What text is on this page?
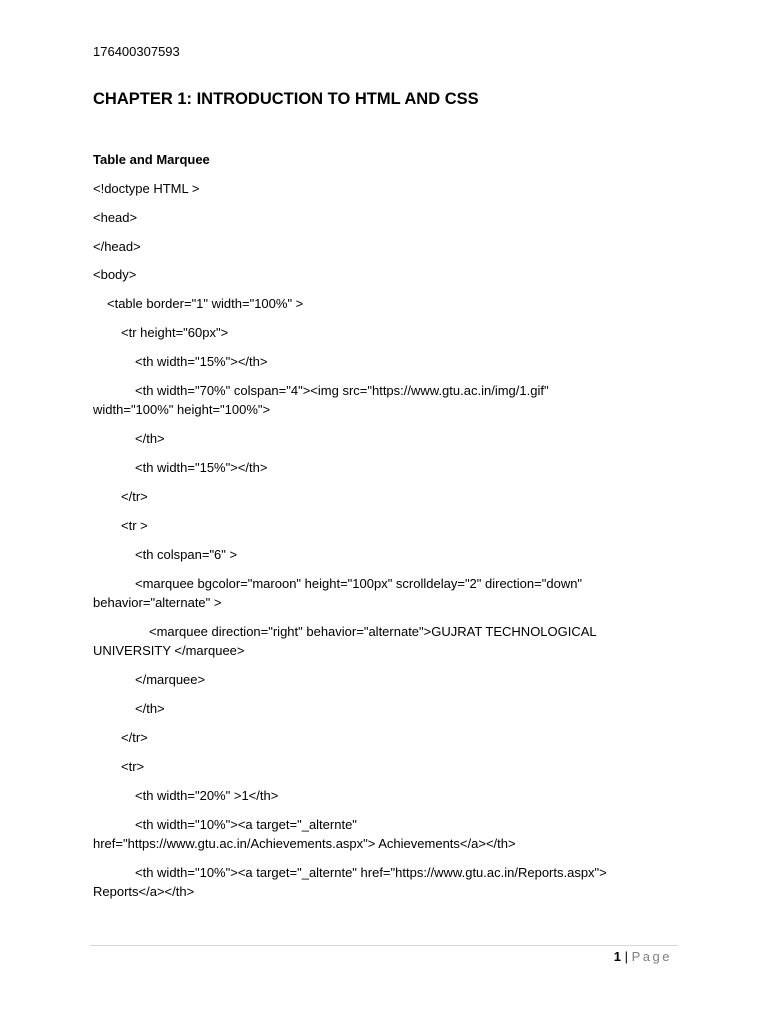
176400307593
CHAPTER 1: INTRODUCTION TO HTML AND CSS
Table and Marquee
<!doctype HTML >
<head>
</head>
<body>
<table border="1" width="100%" >
<tr height="60px">
<th width="15%"></th>
<th width="70%" colspan="4"><img src="https://www.gtu.ac.in/img/1.gif"
width="100%" height="100%">
</th>
<th width="15%"></th>
</tr>
<tr >
<th colspan="6" >
<marquee bgcolor="maroon" height="100px" scrolldelay="2" direction="down"
behavior="alternate" >
<marquee direction="right" behavior="alternate">GUJRAT TECHNOLOGICAL
UNIVERSITY </marquee>
</marquee>
</th>
</tr>
<tr>
<th width="20%" >1</th>
<th width="10%"><a target="_alternte"
href="https://www.gtu.ac.in/Achievements.aspx"> Achievements</a></th>
<th width="10%"><a target="_alternte" href="https://www.gtu.ac.in/Reports.aspx">
Reports</a></th>
1 | Page
